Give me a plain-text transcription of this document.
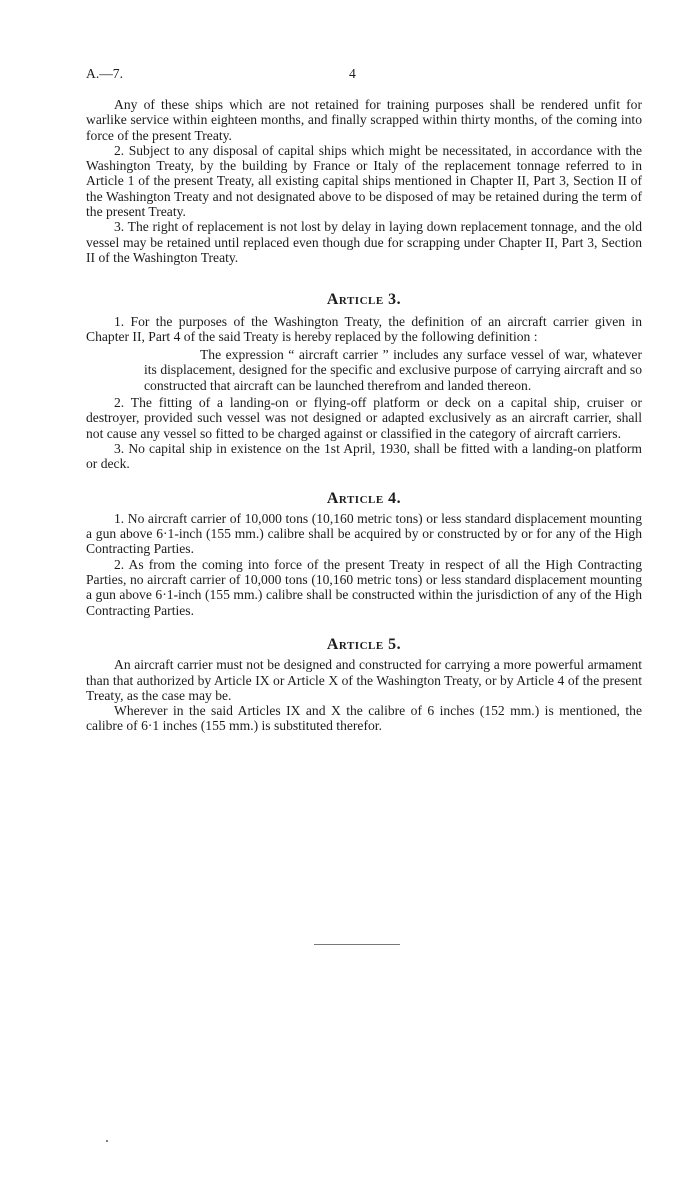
A.—7.	4

Any of these ships which are not retained for training purposes shall be rendered unfit for warlike service within eighteen months, and finally scrapped within thirty months, of the coming into force of the present Treaty.

2. Subject to any disposal of capital ships which might be necessitated, in accordance with the Washington Treaty, by the building by France or Italy of the replacement tonnage referred to in Article 1 of the present Treaty, all existing capital ships mentioned in Chapter II, Part 3, Section II of the Washington Treaty and not designated above to be disposed of may be retained during the term of the present Treaty.

3. The right of replacement is not lost by delay in laying down replacement tonnage, and the old vessel may be retained until replaced even though due for scrapping under Chapter II, Part 3, Section II of the Washington Treaty.

Article 3.

1. For the purposes of the Washington Treaty, the definition of an aircraft carrier given in Chapter II, Part 4 of the said Treaty is hereby replaced by the following definition :

The expression “ aircraft carrier ” includes any surface vessel of war, whatever its displacement, designed for the specific and exclusive purpose of carrying aircraft and so constructed that aircraft can be launched therefrom and landed thereon.

2. The fitting of a landing-on or flying-off platform or deck on a capital ship, cruiser or destroyer, provided such vessel was not designed or adapted exclusively as an aircraft carrier, shall not cause any vessel so fitted to be charged against or classified in the category of aircraft carriers.

3. No capital ship in existence on the 1st April, 1930, shall be fitted with a landing-on platform or deck.

Article 4.

1. No aircraft carrier of 10,000 tons (10,160 metric tons) or less standard displacement mounting a gun above 6·1-inch (155 mm.) calibre shall be acquired by or constructed by or for any of the High Contracting Parties.

2. As from the coming into force of the present Treaty in respect of all the High Contracting Parties, no aircraft carrier of 10,000 tons (10,160 metric tons) or less standard displacement mounting a gun above 6·1-inch (155 mm.) calibre shall be constructed within the jurisdiction of any of the High Contracting Parties.

Article 5.

An aircraft carrier must not be designed and constructed for carrying a more powerful armament than that authorized by Article IX or Article X of the Washington Treaty, or by Article 4 of the present Treaty, as the case may be.

Wherever in the said Articles IX and X the calibre of 6 inches (152 mm.) is mentioned, the calibre of 6·1 inches (155 mm.) is substituted therefor.
